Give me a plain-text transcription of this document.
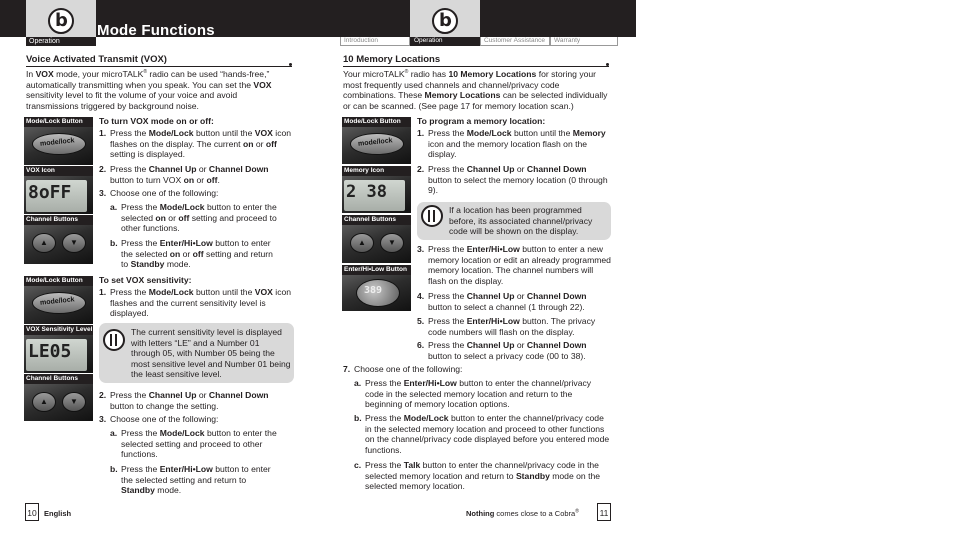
b
Operation
Mode Functions	b
Introduction	Operation	Customer Assistance	Warranty
Voice Activated Transmit (VOX)
In VOX mode, your microTALK® radio can be used “hands-free,” automatically transmitting when you speak. You can set the VOX sensitivity level to fit the volume of your voice and avoid transmissions triggered by background noise.
Mode/Lock Button
mode/lock
VOX Icon
8oFF
Channel Buttons
▲	▼
Mode/Lock Button
mode/lock
VOX Sensitivity Level
LE05
Channel Buttons
▲	▼
To turn VOX mode on or off:
1. Press the Mode/Lock button until the VOX icon flashes on the display. The current on or off setting is displayed.
2. Press the Channel Up or Channel Down button to turn VOX on or off.
3. Choose one of the following:
a. Press the Mode/Lock button to enter the selected on or off setting and proceed to other functions.
b. Press the Enter/Hi•Low button to enter the selected on or off setting and return to Standby mode.
To set VOX sensitivity:
1. Press the Mode/Lock button until the VOX icon flashes and the current sensitivity level is displayed.
The current sensitivity level is displayed with letters “LE” and a Number 01 through 05, with Number 05 being the most sensitive level and Number 01 being the least sensitive level.
2. Press the Channel Up or Channel Down button to change the setting.
3. Choose one of the following:
a. Press the Mode/Lock button to enter the selected setting and proceed to other functions.
b. Press the Enter/Hi•Low button to enter the selected setting and return to Standby mode.
10 Memory Locations
Your microTALK® radio has 10 Memory Locations for storing your most frequently used channels and channel/privacy code combinations. These Memory Locations can be selected individually or can be scanned. (See page 17 for memory location scan.)
Mode/Lock Button
mode/lock
Memory Icon
2 38
Channel Buttons
▲	▼
Enter/Hi•Low Button
389
To program a memory location:
1. Press the Mode/Lock button until the Memory icon and the memory location flash on the display.
2. Press the Channel Up or Channel Down button to select the memory location (0 through 9).
If a location has been programmed before, its associated channel/privacy code will be shown on the display.
3. Press the Enter/Hi•Low button to enter a new memory location or edit an already programmed memory location. The channel numbers will flash on the display.
4. Press the Channel Up or Channel Down button to select a channel (1 through 22).
5. Press the Enter/Hi•Low button. The privacy code numbers will flash on the display.
6. Press the Channel Up or Channel Down button to select a privacy code (00 to 38).
7. Choose one of the following:
a. Press the Enter/Hi•Low button to enter the channel/privacy code in the selected memory location and return to the beginning of memory location options.
b. Press the Mode/Lock button to enter the channel/privacy code in the selected memory location and proceed to other functions on the channel/privacy code displayed before you entered mode functions.
c. Press the Talk button to enter the channel/privacy code in the selected memory location and return to Standby mode on the selected memory location.
10 English	Nothing comes close to a Cobra®	11
